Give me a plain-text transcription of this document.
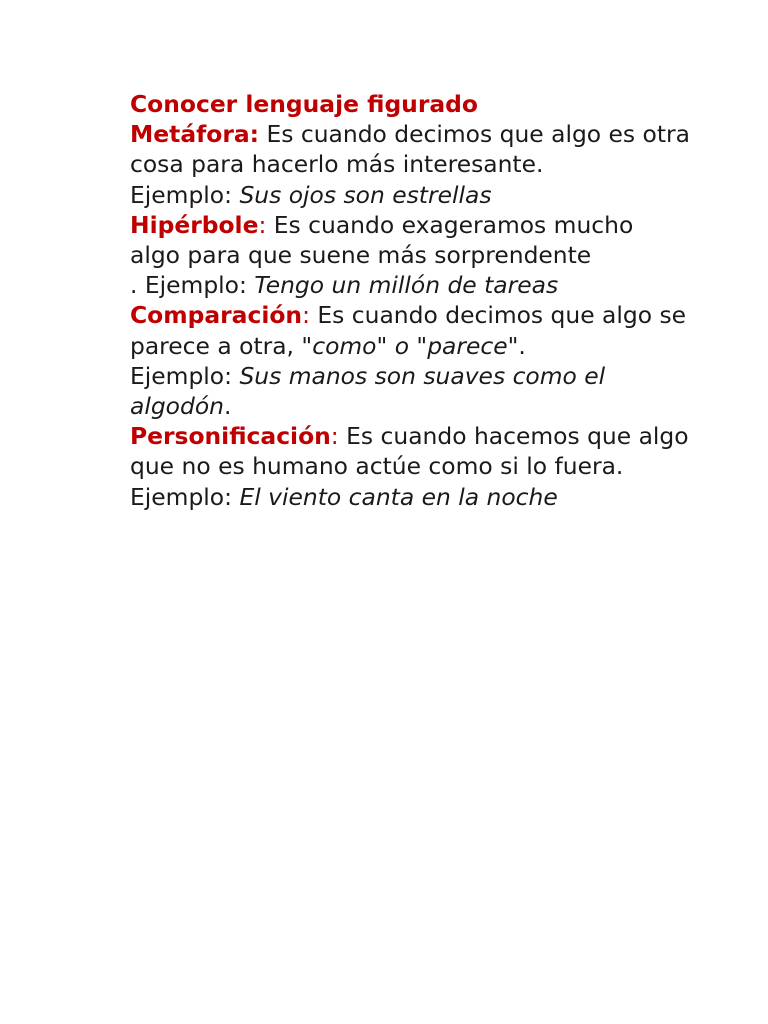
Conocer lenguaje figurado

Metáfora: Es cuando decimos que algo es otra cosa para hacerlo más interesante.

Ejemplo: Sus ojos son estrellas

Hipérbole: Es cuando exageramos mucho algo para que suene más sorprendente

. Ejemplo: Tengo un millón de tareas

Comparación: Es cuando decimos que algo se parece a otra, "como" o "parece".

Ejemplo: Sus manos son suaves como el algodón.

Personificación: Es cuando hacemos que algo que no es humano actúe como si lo fuera.

Ejemplo: El viento canta en la noche
